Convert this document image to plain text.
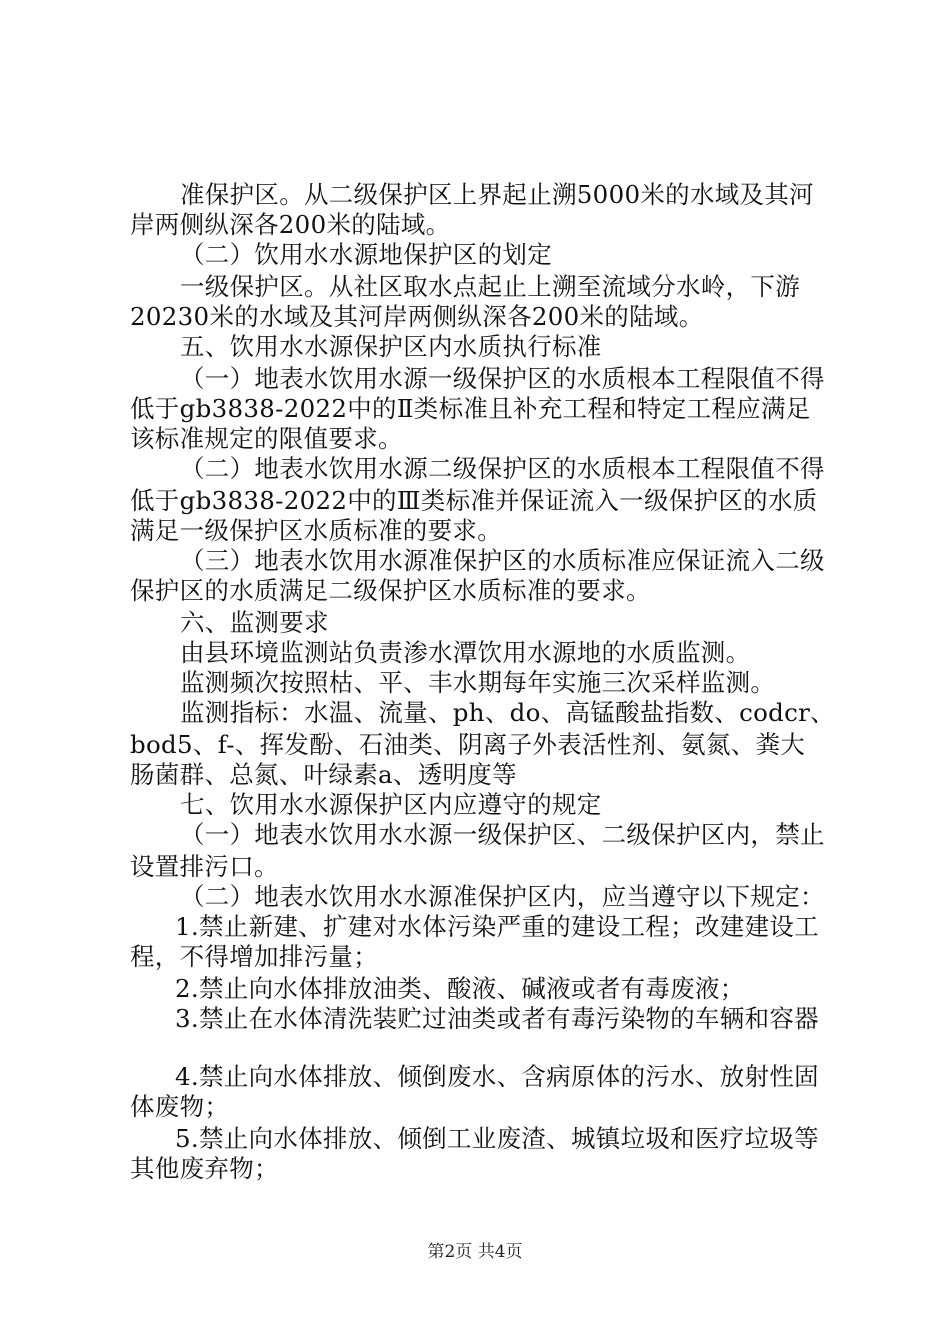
准保护区。从二级保护区上界起止溯5000米的水域及其河
岸两侧纵深各200米的陆域。
（二）饮用水水源地保护区的划定
一级保护区。从社区取水点起止上溯至流域分水岭，下游
20230米的水域及其河岸两侧纵深各200米的陆域。
五、饮用水水源保护区内水质执行标准
（一）地表水饮用水源一级保护区的水质根本工程限值不得
低于gb3838-2022中的Ⅱ类标准且补充工程和特定工程应满足
该标准规定的限值要求。
（二）地表水饮用水源二级保护区的水质根本工程限值不得
低于gb3838-2022中的Ⅲ类标准并保证流入一级保护区的水质
满足一级保护区水质标准的要求。
（三）地表水饮用水源准保护区的水质标准应保证流入二级
保护区的水质满足二级保护区水质标准的要求。
六、监测要求
由县环境监测站负责渗水潭饮用水源地的水质监测。
监测频次按照枯、平、丰水期每年实施三次采样监测。
监测指标：水温、流量、ph、do、高锰酸盐指数、codcr、
bod5、f-、挥发酚、石油类、阴离子外表活性剂、氨氮、粪大
肠菌群、总氮、叶绿素a、透明度等
七、饮用水水源保护区内应遵守的规定
（一）地表水饮用水水源一级保护区、二级保护区内，禁止
设置排污口。
（二）地表水饮用水水源准保护区内，应当遵守以下规定：
1.禁止新建、扩建对水体污染严重的建设工程；改建建设工
程，不得增加排污量；
2.禁止向水体排放油类、酸液、碱液或者有毒废液；
3.禁止在水体清洗装贮过油类或者有毒污染物的车辆和容器
4.禁止向水体排放、倾倒废水、含病原体的污水、放射性固
体废物；
5.禁止向水体排放、倾倒工业废渣、城镇垃圾和医疗垃圾等
其他废弃物；
第2页 共4页
